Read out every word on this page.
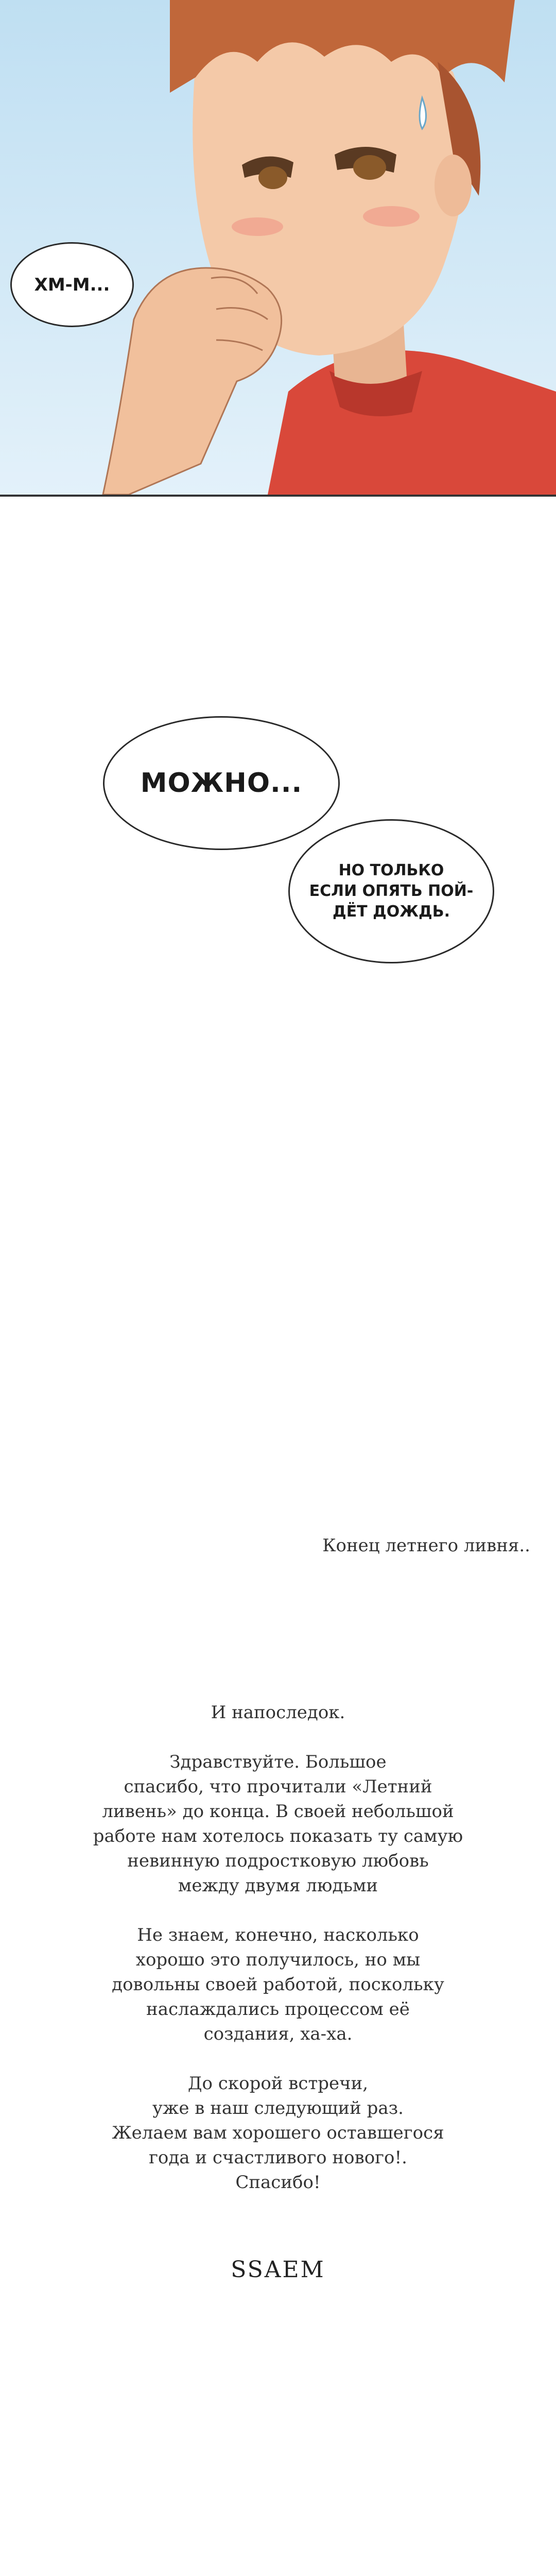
ХМ-М...
МОЖНО...
НО ТОЛЬКО
ЕСЛИ ОПЯТЬ ПОЙ-
ДЁТ ДОЖДЬ.
Конец летнего ливня..

И напоследок.

Здравствуйте. Большое
спасибо, что прочитали «Летний
ливень» до конца. В своей небольшой
работе нам хотелось показать ту самую
невинную подростковую любовь
между двумя людьми

Не знаем, конечно, насколько
хорошо это получилось, но мы
довольны своей работой, поскольку
наслаждались процессом её
создания, ха-ха.

До скорой встречи,
уже в наш следующий раз.
Желаем вам хорошего оставшегося
года и счастливого нового!.
Спасибо!

SSAEM
